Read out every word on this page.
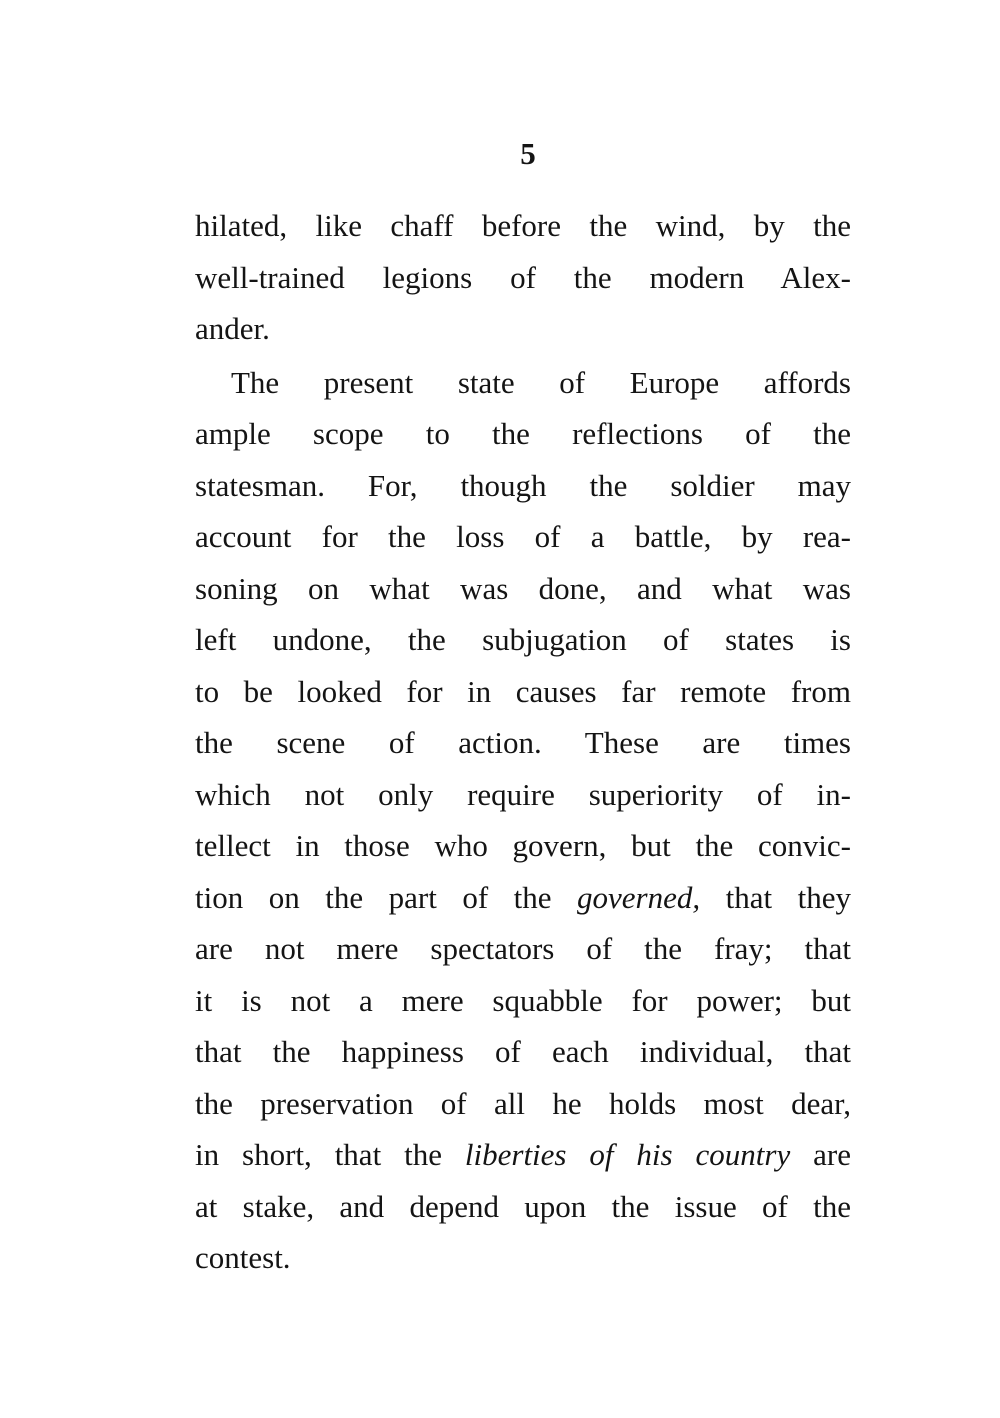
5
hilated, like chaff before the wind, by the
well-trained legions of the modern Alex-
ander.
The present state of Europe affords
ample scope to the reflections of the
statesman. For, though the soldier may
account for the loss of a battle, by rea-
soning on what was done, and what was
left undone, the subjugation of states is
to be looked for in causes far remote from
the scene of action. These are times
which not only require superiority of in-
tellect in those who govern, but the convic-
tion on the part of the governed, that they
are not mere spectators of the fray; that
it is not a mere squabble for power; but
that the happiness of each individual, that
the preservation of all he holds most dear,
in short, that the liberties of his country are
at stake, and depend upon the issue of the
contest.
